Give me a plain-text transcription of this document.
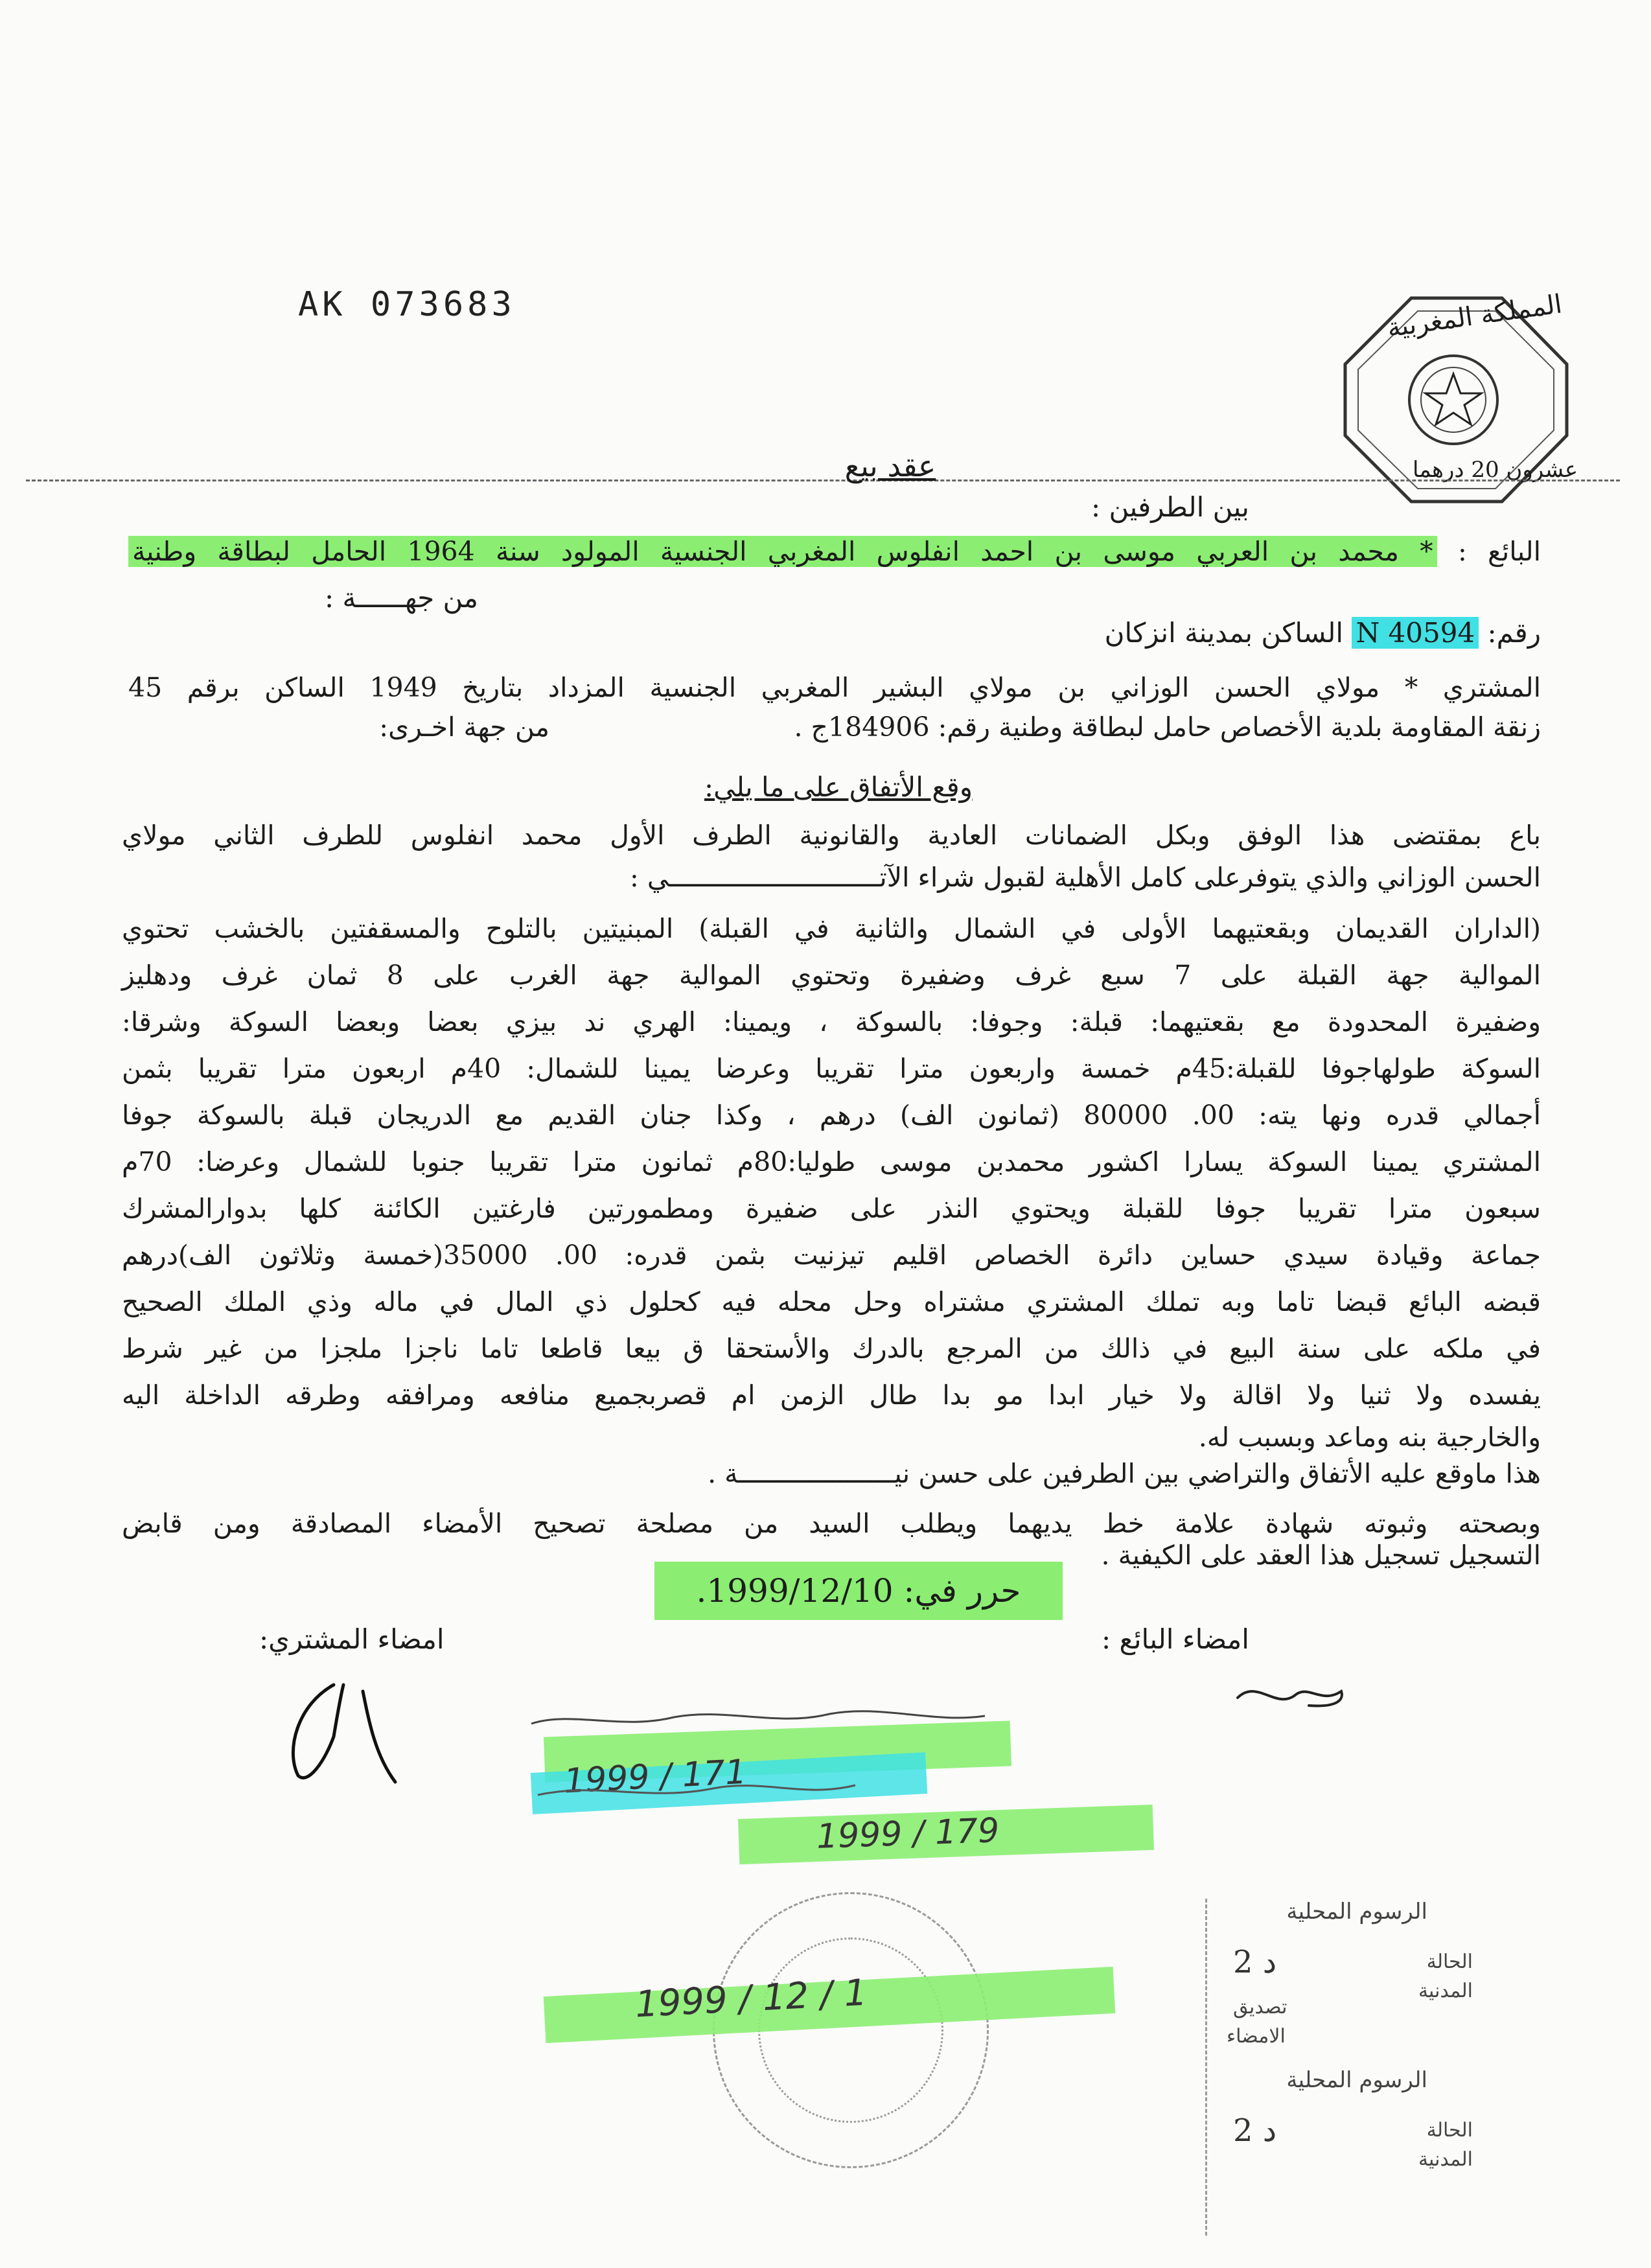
AK 073683	المملكة المغربية
عشرون 20 درهما
عقد بيع
بين الطرفين :
البائع : * محمد بن العربي موسى بن احمد انفلوس المغربي الجنسية المولود سنة 1964 الحامل لبطاقة وطنية
من جهــــــة :
رقم: N 40594 الساكن بمدينة انزكان
المشتري * مولاي الحسن الوزاني بن مولاي البشير المغربي الجنسية المزداد بتاريخ 1949 الساكن برقم 45
زنقة المقاومة بلدية الأخصاص حامل لبطاقة وطنية رقم: 184906ج .
من جهة اخـرى:
وقع الأتفاق على ما يلي:
باع بمقتضى هذا الوفق وبكل الضمانات العادية والقانونية الطرف الأول محمد انفلوس للطرف الثاني مولاي
الحسن الوزاني والذي يتوفرعلى كامل الأهلية لقبول شراء الآتـــــــــــــــــــــــــــي :
(الداران القديمان وبقعتيهما الأولى في الشمال والثانية في القبلة) المبنيتين بالتلوح والمسقفتين بالخشب تحتوي
الموالية جهة القبلة على 7 سبع غرف وضفيرة وتحتوي الموالية جهة الغرب على 8 ثمان غرف ودهليز
وضفيرة المحدودة مع بقعتيهما: قبلة: وجوفا: بالسوكة ، ويمينا: الهري ند بيزي بعضا وبعضا السوكة وشرقا:
السوكة طولهاجوفا للقبلة:45م خمسة واربعون مترا تقريبا وعرضا يمينا للشمال: 40م اربعون مترا تقريبا بثمن
أجمالي قدره ونها يته: 00. 80000 (ثمانون الف) درهم ، وكذا جنان القديم مع الدريجان قبلة بالسوكة جوفا
المشتري يمينا السوكة يسارا اكشور محمدبن موسى طوليا:80م ثمانون مترا تقريبا جنوبا للشمال وعرضا: 70م
سبعون مترا تقريبا جوفا للقبلة ويحتوي النذر على ضفيرة ومطمورتين فارغتين الكائنة كلها بدوارالمشرك
جماعة وقيادة سيدي حساين دائرة الخصاص اقليم تيزنيت بثمن قدره: 00. 35000(خمسة وثلاثون الف)درهم
قبضه البائع قبضا تاما وبه تملك المشتري مشتراه وحل محله فيه كحلول ذي المال في ماله وذي الملك الصحيح
في ملكه على سنة البيع في ذالك من المرجع بالدرك والأستحقا ق بيعا قاطعا تاما ناجزا ملجزا من غير شرط
يفسده ولا ثنيا ولا اقالة ولا خيار ابدا مو بدا طال الزمن ام قصربجميع منافعه ومرافقه وطرقه الداخلة اليه
والخارجية بنه وماعد وبسبب له.
هذا ماوقع عليه الأتفاق والتراضي بين الطرفين على حسن نيــــــــــــــــــــة .
وبصحته وثبوته شهادة علامة خط يديهما ويطلب السيد من مصلحة تصحيح الأمضاء المصادقة ومن قابض
التسجيل تسجيل هذا العقد على الكيفية .
حرر في: 1999/12/10.
امضاء المشتري:	امضاء البائع :
1999 / 171
1999 / 179
1999 / 12 / 1
الرسوم المحلية
2 د	الحالة
المدنية
تصديق
الامضاء
الرسوم المحلية
2 د	الحالة
المدنية
